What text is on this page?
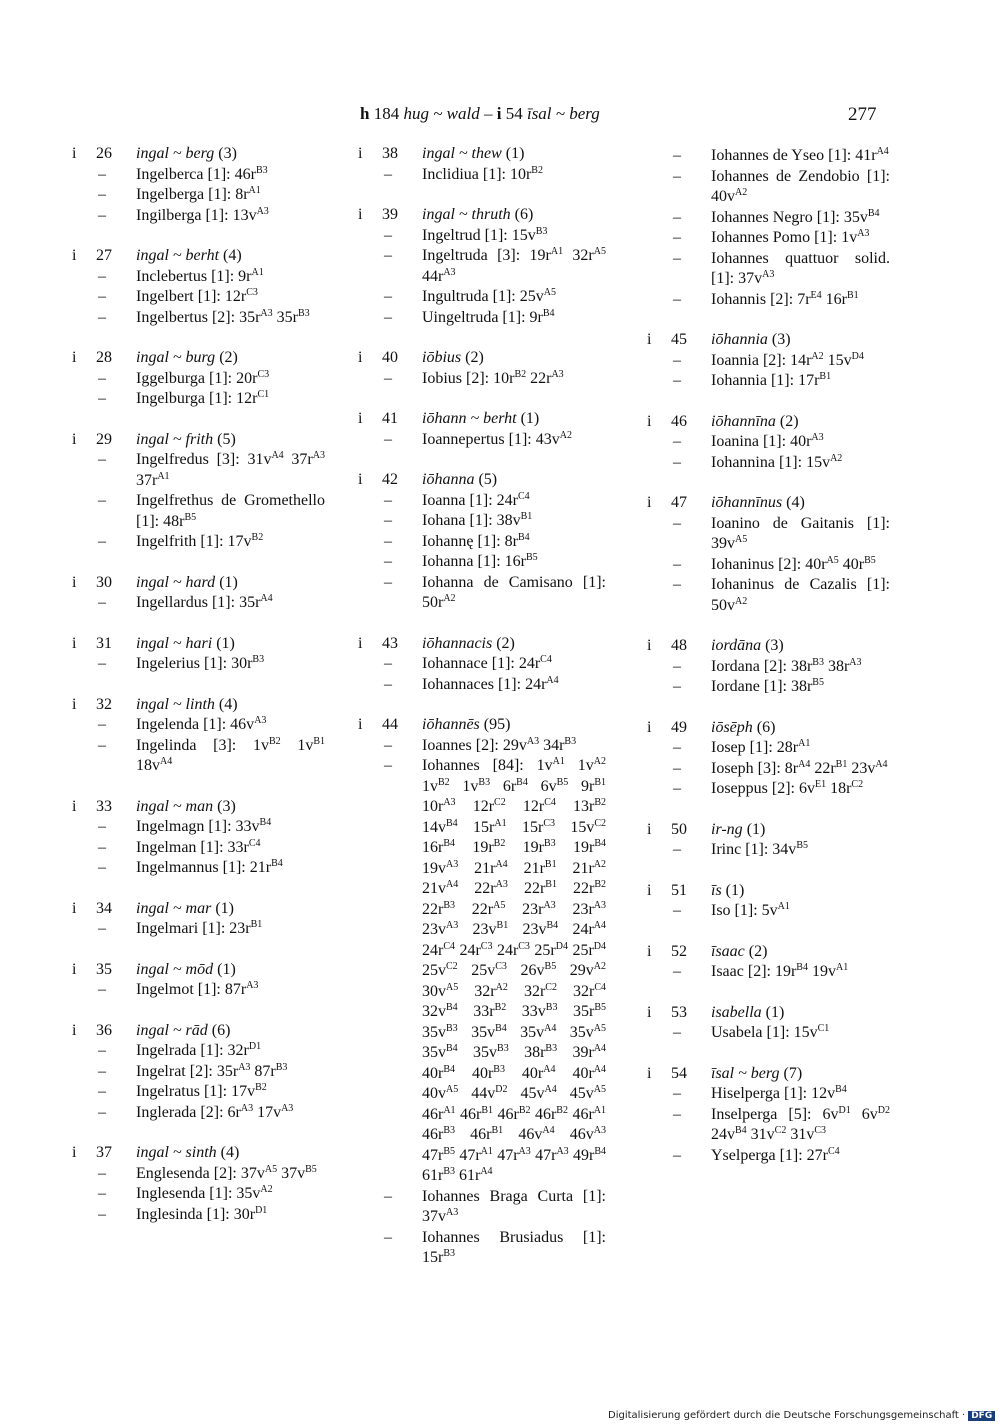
h 184 hug ~ wald – i 54 īsal ~ berg	277
i 26	ingal ~ berg (3)
– Ingelberca [1]: $46r^{B3}$
– Ingelberga [1]: $8r^{A1}$
– Ingilberga [1]: $13v^{A3}$
i 27	ingal ~ berht (4)
– Inclebertus [1]: $9r^{A1}$
– Ingelbert [1]: $12r^{C3}$
– Ingelbertus [2]: $35r^{A3}$ $35r^{B3}$
i 28	ingal ~ burg (2)
– Iggelburga [1]: $20r^{C3}$
– Ingelburga [1]: $12r^{C1}$
i 29	ingal ~ frith (5)
– Ingelfredus [3]: $31v^{A4}$ $37r^{A3}$ $37r^{A1}$
– Ingelfrethus de Gromethello [1]: $48r^{B5}$
– Ingelfrith [1]: $17v^{B2}$
i 30	ingal ~ hard (1)
– Ingellardus [1]: $35r^{A4}$
i 31	ingal ~ hari (1)
– Ingelerius [1]: $30r^{B3}$
i 32	ingal ~ linth (4)
– Ingelenda [1]: $46v^{A3}$
– Ingelinda [3]: $1v^{B2}$ $1v^{B1}$ $18v^{A4}$
i 33	ingal ~ man (3)
– Ingelmagn [1]: $33v^{B4}$
– Ingelman [1]: $33r^{C4}$
– Ingelmannus [1]: $21r^{B4}$
i 34	ingal ~ mar (1)
– Ingelmari [1]: $23r^{B1}$
i 35	ingal ~ mōd (1)
– Ingelmot [1]: $87r^{A3}$
i 36	ingal ~ rād (6)
– Ingelrada [1]: $32r^{D1}$
– Ingelrat [2]: $35r^{A3}$ $87r^{B3}$
– Ingelratus [1]: $17v^{B2}$
– Inglerada [2]: $6r^{A3}$ $17v^{A3}$
i 37	ingal ~ sinth (4)
– Englesenda [2]: $37v^{A5}$ $37v^{B5}$
– Inglesenda [1]: $35v^{A2}$
– Inglesinda [1]: $30r^{D1}$
i 38	ingal ~ thew (1)
– Inclidiua [1]: $10r^{B2}$
i 39	ingal ~ thruth (6)
– Ingeltrud [1]: $15v^{B3}$
– Ingeltruda [3]: $19r^{A1}$ $32r^{A5}$ $44r^{A3}$
– Ingultruda [1]: $25v^{A5}$
– Uingeltruda [1]: $9r^{B4}$
i 40	iōbius (2)
– Iobius [2]: $10r^{B2}$ $22r^{A3}$
i 41	iōhann ~ berht (1)
– Ioannepertus [1]: $43v^{A2}$
i 42	iōhanna (5)
– Ioanna [1]: $24r^{C4}$
– Iohana [1]: $38v^{B1}$
– Iohannę [1]: $8r^{B4}$
– Iohanna [1]: $16r^{B5}$
– Iohanna de Camisano [1]: $50r^{A2}$
i 43	iōhannacis (2)
– Iohannace [1]: $24r^{C4}$
– Iohannaces [1]: $24r^{A4}$
i 44	iōhannēs (95)
– Ioannes [2]: $29v^{A3}$ $34r^{B3}$
– Iohannes [84]: $1v^{A1}$ $1v^{A2}$ $1v^{B2}$ $1v^{B3}$ $6r^{B4}$ $6v^{B5}$ $9r^{B1}$ $10r^{A3}$ $12r^{C2}$ $12r^{C4}$ $13r^{B2}$ $14v^{B4}$ $15r^{A1}$ $15r^{C3}$ $15v^{C2}$ $16r^{B4}$ $19r^{B2}$ $19r^{B3}$ $19r^{B4}$ $19v^{A3}$ $21r^{A4}$ $21r^{B1}$ $21r^{A2}$ $21v^{A4}$ $22r^{A3}$ $22r^{B1}$ $22r^{B2}$ $22r^{B3}$ $22r^{A5}$ $23r^{A3}$ $23r^{A3}$ $23v^{A3}$ $23v^{B1}$ $23v^{B4}$ $24r^{A4}$ $24r^{C4}$ $24r^{C3}$ $24r^{C3}$ $25r^{D4}$ $25r^{D4}$ $25v^{C2}$ $25v^{C3}$ $26v^{B5}$ $29v^{A2}$ $30v^{A5}$ $32r^{A2}$ $32r^{C2}$ $32r^{C4}$ $32v^{B4}$ $33r^{B2}$ $33v^{B3}$ $35r^{B5}$ $35v^{B3}$ $35v^{B4}$ $35v^{A4}$ $35v^{A5}$ $35v^{B4}$ $35v^{B3}$ $38r^{B3}$ $39r^{A4}$ $40r^{B4}$ $40r^{B3}$ $40r^{A4}$ $40r^{A4}$ $40v^{A5}$ $44v^{D2}$ $45v^{A4}$ $45v^{A5}$ $46r^{A1}$ $46r^{B1}$ $46r^{B2}$ $46r^{B2}$ $46r^{A1}$ $46r^{B3}$ $46r^{B1}$ $46v^{A4}$ $46v^{A3}$ $47r^{B5}$ $47r^{A1}$ $47r^{A3}$ $47r^{A3}$ $49r^{B4}$ $61r^{B3}$ $61r^{A4}$
– Iohannes Braga Curta [1]: $37v^{A3}$
– Iohannes Brusiadus [1]: $15r^{B3}$
– Iohannes de Yseo [1]: $41r^{A4}$
– Iohannes de Zendobio [1]: $40v^{A2}$
– Iohannes Negro [1]: $35v^{B4}$
– Iohannes Pomo [1]: $1v^{A3}$
– Iohannes quattuor solid. [1]: $37v^{A3}$
– Iohannis [2]: $7r^{E4}$ $16r^{B1}$
i 45	iōhannia (3)
– Ioannia [2]: $14r^{A2}$ $15v^{D4}$
– Iohannia [1]: $17r^{B1}$
i 46	iōhannīna (2)
– Ioanina [1]: $40r^{A3}$
– Iohannina [1]: $15v^{A2}$
i 47	iōhannīnus (4)
– Ioanino de Gaitanis [1]: $39v^{A5}$
– Iohaninus [2]: $40r^{A5}$ $40r^{B5}$
– Iohaninus de Cazalis [1]: $50v^{A2}$
i 48	iordāna (3)
– Iordana [2]: $38r^{B3}$ $38r^{A3}$
– Iordane [1]: $38r^{B5}$
i 49	iōsēph (6)
– Iosep [1]: $28r^{A1}$
– Ioseph [3]: $8r^{A4}$ $22r^{B1}$ $23v^{A4}$
– Ioseppus [2]: $6v^{E1}$ $18r^{C2}$
i 50	ir-ng (1)
– Irinc [1]: $34v^{B5}$
i 51	īs (1)
– Iso [1]: $5v^{A1}$
i 52	īsaac (2)
– Isaac [2]: $19r^{B4}$ $19v^{A1}$
i 53	isabella (1)
– Usabela [1]: $15v^{C1}$
i 54	īsal ~ berg (7)
– Hiselperga [1]: $12v^{B4}$
– Inselperga [5]: $6v^{D1}$ $6v^{D2}$ $24v^{B4}$ $31v^{C2}$ $31v^{C3}$
– Yselperga [1]: $27r^{C4}$
Digitalisierung gefördert durch die Deutsche Forschungsgemeinschaft · DFG
